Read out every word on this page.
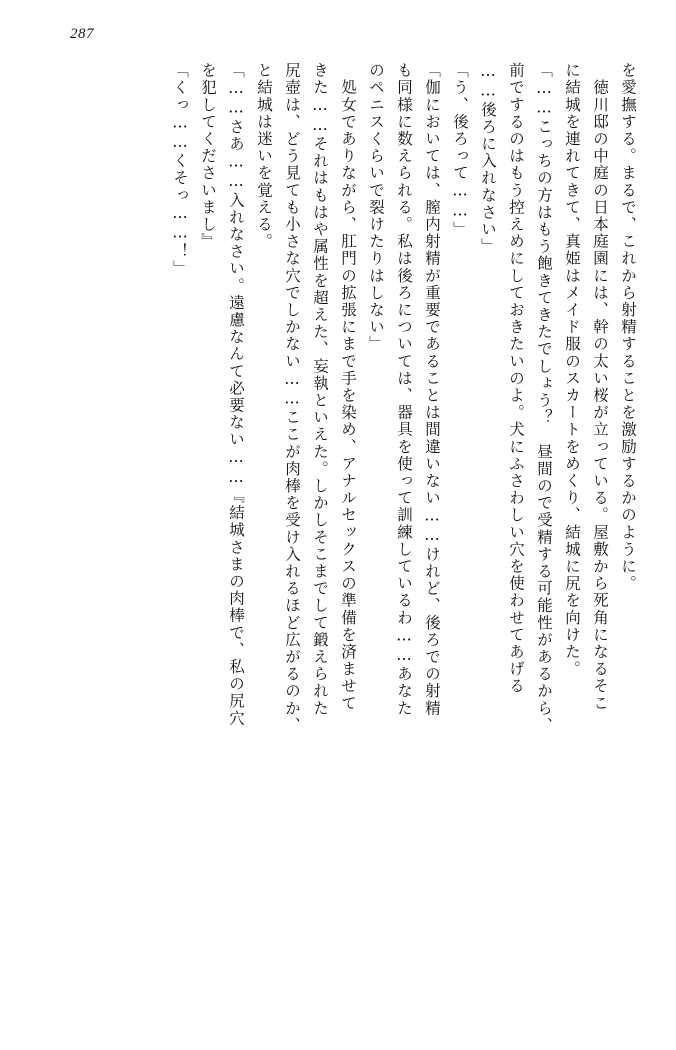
287
を愛撫する。まるで、これから射精することを激励するかのように。
　徳川邸の中庭の日本庭園には、幹の太い桜が立っている。屋敷から死角になるそこ
に結城を連れてきて、真姫はメイド服のスカートをめくり、結城に尻を向けた。
「……こっちの方はもう飽きてきたでしょう？　昼間ので受精する可能性があるから、
前でするのはもう控えめにしておきたいのよ。犬にふさわしい穴を使わせてあげる
……後ろに入れなさい」
「う、後ろって……」
「伽においては、膣内射精が重要であることは間違いない……けれど、後ろでの射精
も同様に数えられる。私は後ろについては、器具を使って訓練しているわ……あなた
のペニスくらいで裂けたりはしない」
　処女でありながら、肛門の拡張にまで手を染め、アナルセックスの準備を済ませて
きた……それはもはや属性を超えた、妄執といえた。しかしそこまでして鍛えられた
尻壺は、どう見ても小さな穴でしかない……ここが肉棒を受け入れるほど広がるのか、
と結城は迷いを覚える。
「……さあ……入れなさい。遠慮なんて必要ない……『結城さまの肉棒で、私の尻穴
を犯してくださいまし』
「くっ……くそっ……！」
